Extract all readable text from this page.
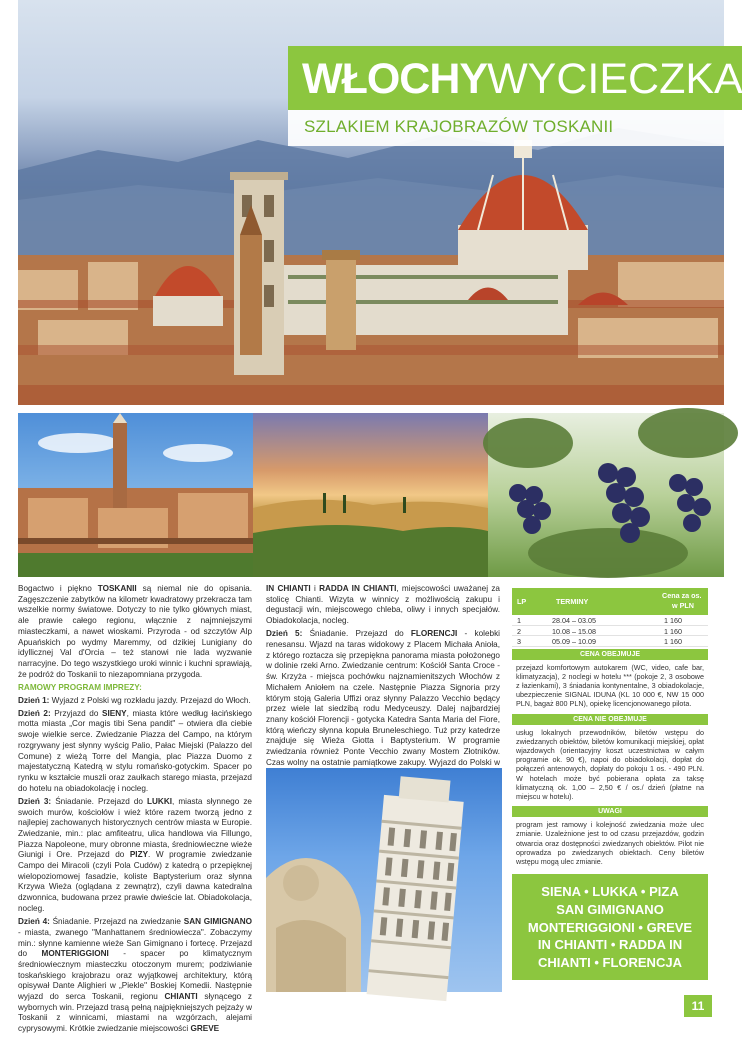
WŁOCHYWYCIECZKA
SZLAKIEM KRAJOBRAZÓW TOSKANII

Bogactwo i piękno TOSKANII są niemal nie do opisania. Zagęszczenie zabytków na kilometr kwadratowy przekracza tam wszelkie normy światowe. Dotyczy to nie tylko głównych miast, ale prawie całego regionu, włącznie z najmniejszymi miasteczkami, a nawet wioskami. Przyroda - od szczytów Alp Apuańskich po wydmy Maremmy, od dzikiej Lunigiany do idyllicznej Val d'Orcia – też stanowi nie lada wyzwanie narracyjne. Do tego wszystkiego uroki winnic i kuchni sprawiają, że podróż do Toskanii to niezapomniana przygoda.

RAMOWY PROGRAM IMPREZY:

Dzień 1: Wyjazd z Polski wg rozkładu jazdy. Przejazd do Włoch.

Dzień 2: Przyjazd do SIENY, miasta które według łacińskiego motta miasta „Cor magis tibi Sena pandit" – otwiera dla ciebie swoje wielkie serce. Zwiedzanie Piazza del Campo, na którym rozgrywany jest słynny wyścig Palio, Pałac Miejski (Palazzo del Comune) z wieżą Torre del Mangia, plac Piazza Duomo z majestatyczną Katedrą w stylu romańsko-gotyckim. Spacer po rynku w kształcie muszli oraz zaułkach starego miasta, przejazd do hotelu na obiadokolację i nocleg.

Dzień 3: Śniadanie. Przejazd do LUKKI, miasta słynnego ze swoich murów, kościołów i wież które razem tworzą jedno z najlepiej zachowanych historycznych centrów miasta w Europie. Zwiedzanie, min.: plac amfiteatru, ulica handlowa via Fillungo, Piazza Napoleone, mury obronne miasta, średniowieczne wieże Giunigi i Ore. Przejazd do PIZY. W programie zwiedzanie Campo dei Miracoli (czyli Pola Cudów) z katedrą o przepięknej wielopoziomowej fasadzie, koliste Baptysterium oraz słynna Krzywa Wieża (oglądana z zewnątrz), czyli dawna katedralna dzwonnica, budowana przez prawie dwieście lat. Obiadokolacja, nocleg.

Dzień 4: Śniadanie. Przejazd na zwiedzanie SAN GIMIGNANO - miasta, zwanego "Manhattanem średniowiecza". Zobaczymy min.: słynne kamienne wieże San Gimignano i fortecę. Przejazd do MONTERIGGIONI - spacer po klimatycznym średniowiecznym miasteczku otoczonym murem; podziwianie toskańskiego krajobrazu oraz wyjątkowej architektury, którą opisywał Dante Alighieri w „Piekle" Boskiej Komedii. Następnie wyjazd do serca Toskanii, regionu CHIANTI słynącego z wybornych win. Przejazd trasą pełną najpiękniejszych pejzaży w Toskanii z winnicami, miastami na wzgórzach, alejami cyprysowymi. Krótkie zwiedzanie miejscowości GREVE

IN CHIANTI i RADDA IN CHIANTI, miejscowości uważanej za stolicę Chianti. Wizyta w winnicy z możliwością zakupu i degustacji win, miejscowego chleba, oliwy i innych specjałów. Obiadokolacja, nocleg.

Dzień 5: Śniadanie. Przejazd do FLORENCJI - kolebki renesansu. Wjazd na taras widokowy z Placem Michała Anioła, z którego roztacza się przepiękna panorama miasta położonego w dolinie rzeki Arno. Zwiedzanie centrum: Kościół Santa Croce - św. Krzyża - miejsca pochówku najznamienitszych Włochów z Michałem Aniołem na czele. Następnie Piazza Signoria przy którym stoją Galeria Uffizi oraz słynny Palazzo Vecchio będący przez wiele lat siedzibą rodu Medyceuszy. Dalej najbardziej znany kościół Florencji - gotycka Katedra Santa Maria del Fiore, którą wieńczy słynna kopuła Bruneleschiego. Tuż przy katedrze znajduje się Wieża Giotta i Baptysterium. W programie zwiedzania również Ponte Vecchio zwany Mostem Złotników. Czas wolny na ostatnie pamiątkowe zakupy. Wyjazd do Polski w

LP	TERMINY
Cena za os.
w PLN
1	28.04 – 03.05	1 160
2	10.08 – 15.08	1 160
3	05.09 – 10.09	1 160
CENA OBEJMUJE
przejazd komfortowym autokarem (WC, video, cafe bar, klimatyzacja), 2 noclegi w hotelu *** (pokoje 2, 3 osobowe z łazienkami), 3 śniadania kontynentalne, 3 obiadokolacje, ubezpieczenie SIGNAL IDUNA (KL 10 000 €, NW 15 000 PLN, bagaż 800 PLN), opiekę licencjonowanego pilota.
CENA NIE OBEJMUJE
usług lokalnych przewodników, biletów wstępu do zwiedzanych obiektów, biletów komunikacji miejskiej, opłat wjazdowych (orientacyjny koszt uczestnictwa w całym programie ok. 90 €), napoi do obiadokolacji, dopłat do połączeń antenowych, dopłaty do pokoju 1 os. - 490 PLN. W hotelach może być pobierana opłata za taksę klimatyczną ok. 1,00 – 2,50 € / os./ dzień (płatne na miejscu w hotelu).
UWAGI
program jest ramowy i kolejność zwiedzania może ulec zmianie. Uzależnione jest to od czasu przejazdów, godzin otwarcia oraz dostępności zwiedzanych obiektów. Pilot nie oprowadza po zwiedzanych obiektach. Ceny biletów wstępu mogą ulec zmianie.
SIENA • LUKKA • PIZA
SAN GIMIGNANO
MONTERIGGIONI • GREVE
IN CHIANTI • RADDA IN
CHIANTI • FLORENCJA
11
